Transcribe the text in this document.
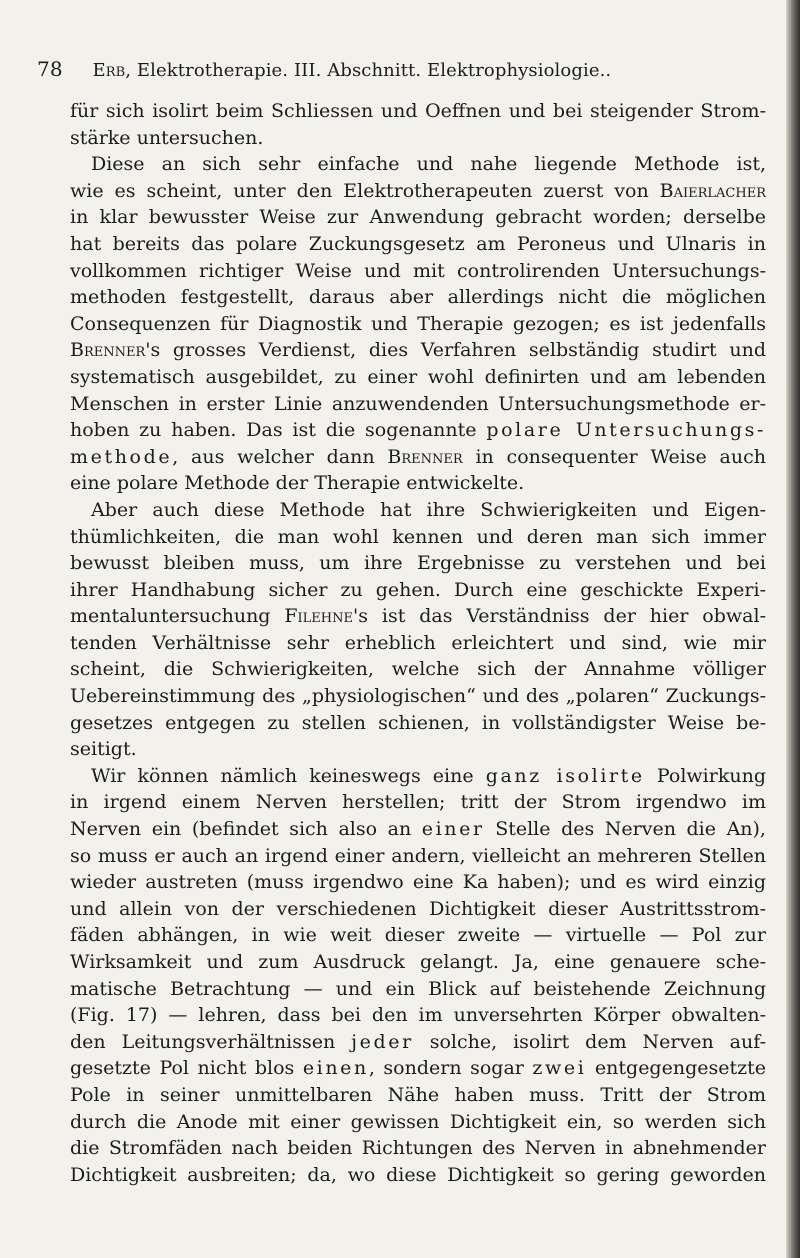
78 Erb, Elektrotherapie. III. Abschnitt. Elektrophysiologie..
für sich isolirt beim Schliessen und Oeffnen und bei steigender Strom-
stärke untersuchen.
Diese an sich sehr einfache und nahe liegende Methode ist,
wie es scheint, unter den Elektrotherapeuten zuerst von Baierlacher
in klar bewusster Weise zur Anwendung gebracht worden; derselbe
hat bereits das polare Zuckungsgesetz am Peroneus und Ulnaris in
vollkommen richtiger Weise und mit controlirenden Untersuchungs-
methoden festgestellt, daraus aber allerdings nicht die möglichen
Consequenzen für Diagnostik und Therapie gezogen; es ist jedenfalls
Brenner's grosses Verdienst, dies Verfahren selbständig studirt und
systematisch ausgebildet, zu einer wohl definirten und am lebenden
Menschen in erster Linie anzuwendenden Untersuchungsmethode er-
hoben zu haben. Das ist die sogenannte polare Untersuchungs-
methode, aus welcher dann Brenner in consequenter Weise auch
eine polare Methode der Therapie entwickelte.
Aber auch diese Methode hat ihre Schwierigkeiten und Eigen-
thümlichkeiten, die man wohl kennen und deren man sich immer
bewusst bleiben muss, um ihre Ergebnisse zu verstehen und bei
ihrer Handhabung sicher zu gehen. Durch eine geschickte Experi-
mentaluntersuchung Filehne's ist das Verständniss der hier obwal-
tenden Verhältnisse sehr erheblich erleichtert und sind, wie mir
scheint, die Schwierigkeiten, welche sich der Annahme völliger
Uebereinstimmung des „physiologischen“ und des „polaren“ Zuckungs-
gesetzes entgegen zu stellen schienen, in vollständigster Weise be-
seitigt.
Wir können nämlich keineswegs eine ganz isolirte Polwirkung
in irgend einem Nerven herstellen; tritt der Strom irgendwo im
Nerven ein (befindet sich also an einer Stelle des Nerven die An),
so muss er auch an irgend einer andern, vielleicht an mehreren Stellen
wieder austreten (muss irgendwo eine Ka haben); und es wird einzig
und allein von der verschiedenen Dichtigkeit dieser Austrittsstrom-
fäden abhängen, in wie weit dieser zweite — virtuelle — Pol zur
Wirksamkeit und zum Ausdruck gelangt. Ja, eine genauere sche-
matische Betrachtung — und ein Blick auf beistehende Zeichnung
(Fig. 17) — lehren, dass bei den im unversehrten Körper obwalten-
den Leitungsverhältnissen jeder solche, isolirt dem Nerven auf-
gesetzte Pol nicht blos einen, sondern sogar zwei entgegengesetzte
Pole in seiner unmittelbaren Nähe haben muss. Tritt der Strom
durch die Anode mit einer gewissen Dichtigkeit ein, so werden sich
die Stromfäden nach beiden Richtungen des Nerven in abnehmender
Dichtigkeit ausbreiten; da, wo diese Dichtigkeit so gering geworden
